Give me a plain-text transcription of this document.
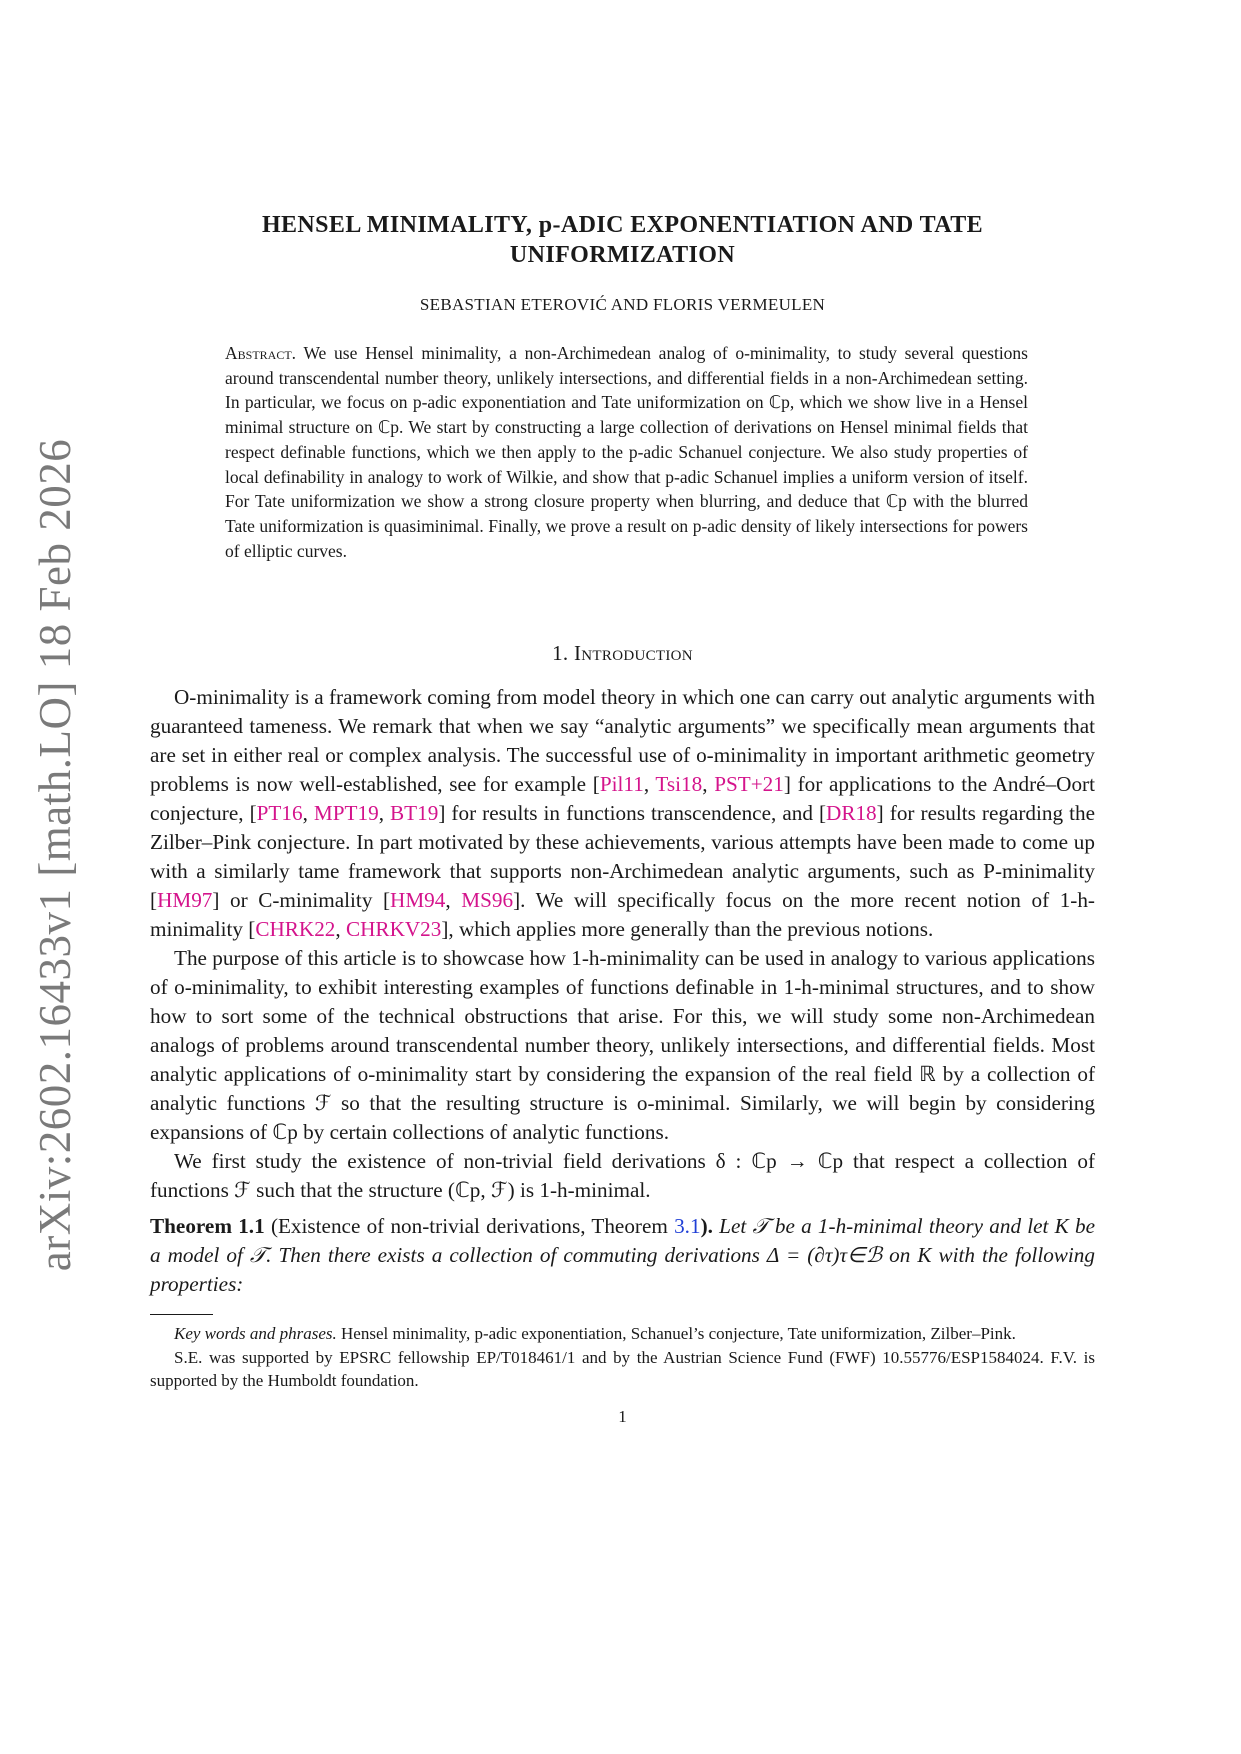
arXiv:2602.16433v1 [math.LO] 18 Feb 2026
HENSEL MINIMALITY, p-ADIC EXPONENTIATION AND TATE UNIFORMIZATION
SEBASTIAN ETEROVIĆ AND FLORIS VERMEULEN
Abstract. We use Hensel minimality, a non-Archimedean analog of o-minimality, to study several questions around transcendental number theory, unlikely intersections, and differential fields in a non-Archimedean setting. In particular, we focus on p-adic exponentiation and Tate uniformization on ℂp, which we show live in a Hensel minimal structure on ℂp. We start by constructing a large collection of derivations on Hensel minimal fields that respect definable functions, which we then apply to the p-adic Schanuel conjecture. We also study properties of local definability in analogy to work of Wilkie, and show that p-adic Schanuel implies a uniform version of itself. For Tate uniformization we show a strong closure property when blurring, and deduce that ℂp with the blurred Tate uniformization is quasiminimal. Finally, we prove a result on p-adic density of likely intersections for powers of elliptic curves.
1. Introduction

O-minimality is a framework coming from model theory in which one can carry out analytic arguments with guaranteed tameness. We remark that when we say “analytic arguments” we specifically mean arguments that are set in either real or complex analysis. The successful use of o-minimality in important arithmetic geometry problems is now well-established, see for example [Pil11, Tsi18, PST+21] for applications to the André–Oort conjecture, [PT16, MPT19, BT19] for results in functions transcendence, and [DR18] for results regarding the Zilber–Pink conjecture. In part motivated by these achievements, various attempts have been made to come up with a similarly tame framework that supports non-Archimedean analytic arguments, such as P-minimality [HM97] or C-minimality [HM94, MS96]. We will specifically focus on the more recent notion of 1-h-minimality [CHRK22, CHRKV23], which applies more generally than the previous notions.

The purpose of this article is to showcase how 1-h-minimality can be used in analogy to various applications of o-minimality, to exhibit interesting examples of functions definable in 1-h-minimal structures, and to show how to sort some of the technical obstructions that arise. For this, we will study some non-Archimedean analogs of problems around transcendental number theory, unlikely intersections, and differential fields. Most analytic applications of o-minimality start by considering the expansion of the real field ℝ by a collection of analytic functions ℱ so that the resulting structure is o-minimal. Similarly, we will begin by considering expansions of ℂp by certain collections of analytic functions.

We first study the existence of non-trivial field derivations δ : ℂp → ℂp that respect a collection of functions ℱ such that the structure (ℂp, ℱ) is 1-h-minimal.

Theorem 1.1 (Existence of non-trivial derivations, Theorem 3.1). Let 𝒯 be a 1-h-minimal theory and let K be a model of 𝒯. Then there exists a collection of commuting derivations Δ = (∂τ)τ∈ℬ on K with the following properties:

Key words and phrases. Hensel minimality, p-adic exponentiation, Schanuel’s conjecture, Tate uniformization, Zilber–Pink.

S.E. was supported by EPSRC fellowship EP/T018461/1 and by the Austrian Science Fund (FWF) 10.55776/ESP1584024. F.V. is supported by the Humboldt foundation.

1
